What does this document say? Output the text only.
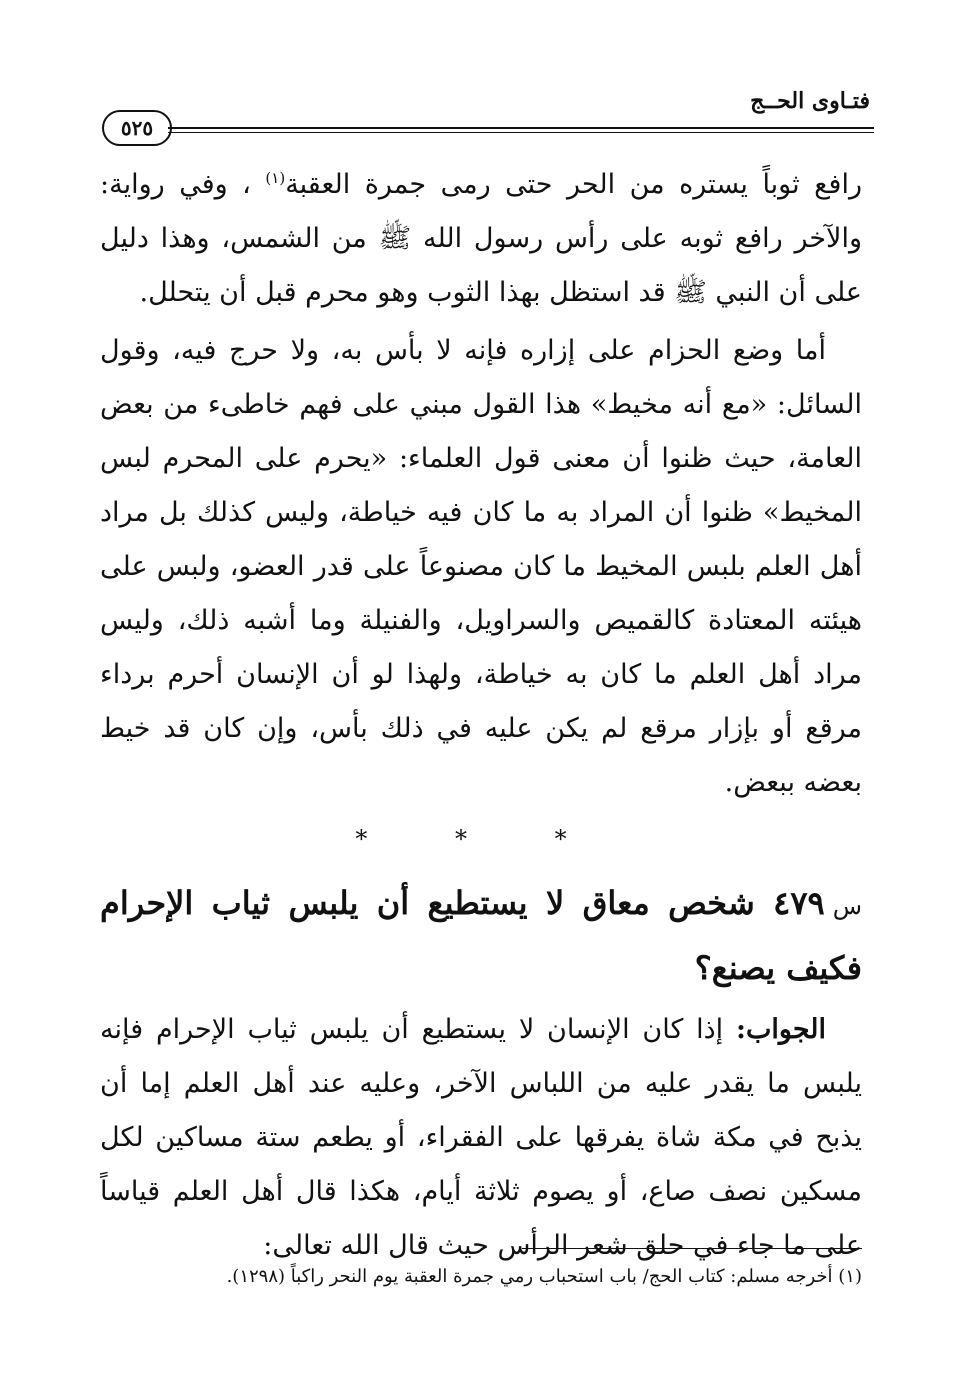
فتـاوى الحــج
٥٢٥

رافع ثوباً يستره من الحر حتى رمى جمرة العقبة$^{(١)}$ ، وفي رواية: والآخر رافع ثوبه على رأس رسول الله ﷺ من الشمس، وهذا دليل على أن النبي ﷺ قد استظل بهذا الثوب وهو محرم قبل أن يتحلل.

أما وضع الحزام على إزاره فإنه لا بأس به، ولا حرج فيه، وقول السائل: «مع أنه مخيط» هذا القول مبني على فهم خاطىء من بعض العامة، حيث ظنوا أن معنى قول العلماء: «يحرم على المحرم لبس المخيط» ظنوا أن المراد به ما كان فيه خياطة، وليس كذلك بل مراد أهل العلم بلبس المخيط ما كان مصنوعاً على قدر العضو، ولبس على هيئته المعتادة كالقميص والسراويل، والفنيلة وما أشبه ذلك، وليس مراد أهل العلم ما كان به خياطة، ولهذا لو أن الإنسان أحرم برداء مرقع أو بإزار مرقع لم يكن عليه في ذلك بأس، وإن كان قد خيط بعضه ببعض.

* * *

س٤٧٩ شخص معاق لا يستطيع أن يلبس ثياب الإحرام فكيف يصنع؟

الجواب: إذا كان الإنسان لا يستطيع أن يلبس ثياب الإحرام فإنه يلبس ما يقدر عليه من اللباس الآخر، وعليه عند أهل العلم إما أن يذبح في مكة شاة يفرقها على الفقراء، أو يطعم ستة مساكين لكل مسكين نصف صاع، أو يصوم ثلاثة أيام، هكذا قال أهل العلم قياساً على ما جاء في حلق شعر الرأس حيث قال الله تعالى:

(١) أخرجه مسلم: كتاب الحج/ باب استحباب رمي جمرة العقبة يوم النحر راكباً (١٢٩٨).
